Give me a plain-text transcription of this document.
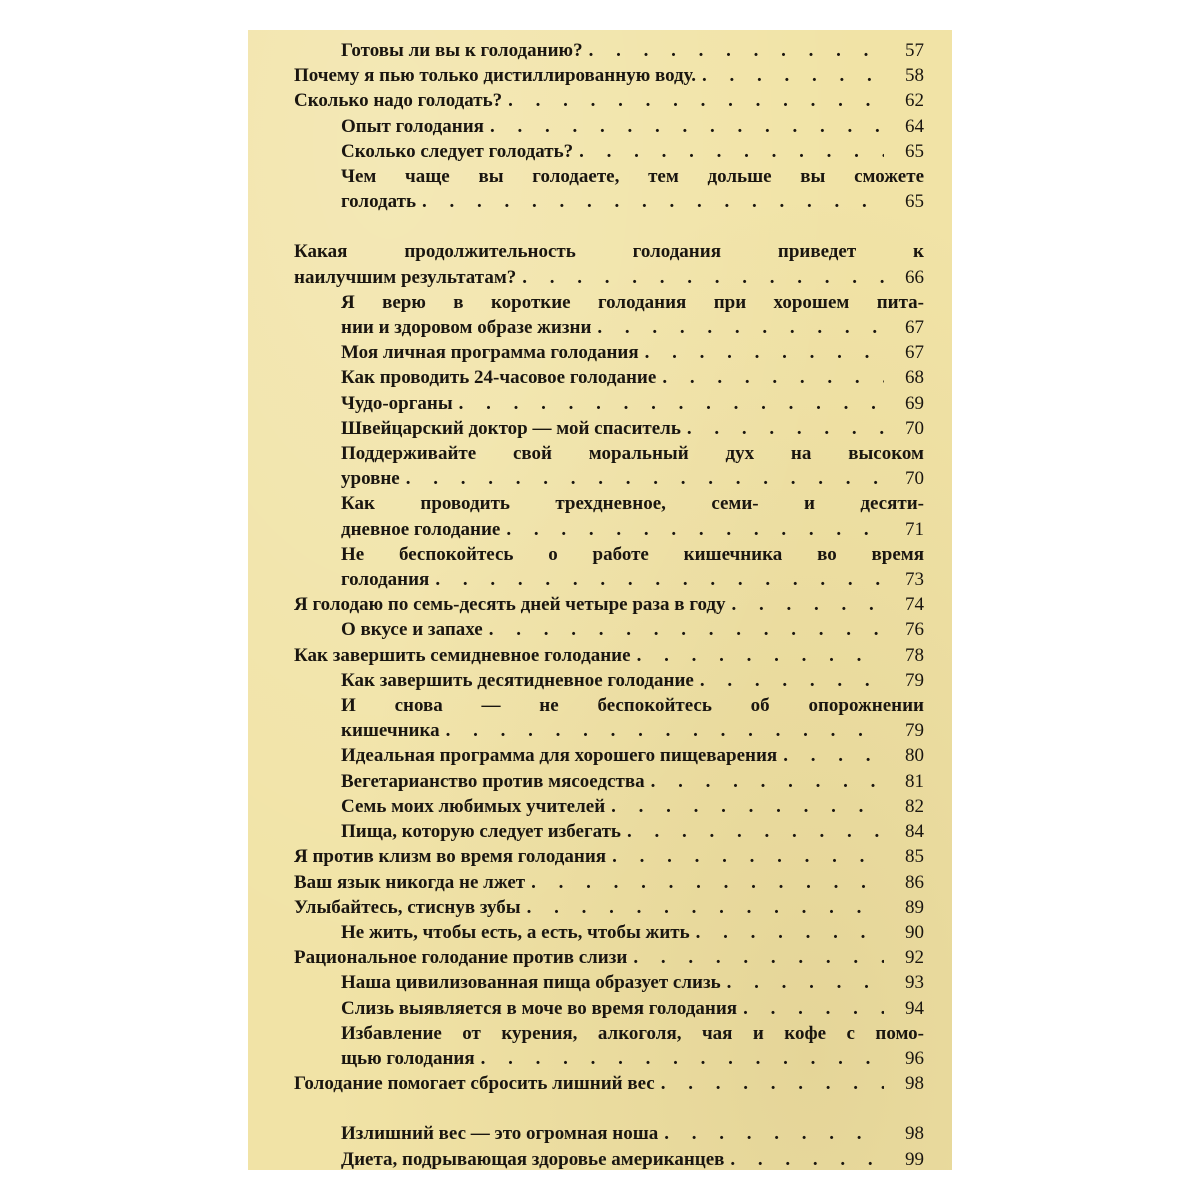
Готовы ли вы к голоданию? . . .	57
Почему я пью только дистиллированную воду. . . .	58
Сколько надо голодать? . . .	62
Опыт голодания . . .	64
Сколько следует голодать? . . .	65
Чем чаще вы голодаете, тем дольше вы сможете
голодать . . .	65
Какая продолжительность голодания приведет к
наилучшим результатам? . . .	66
Я верю в короткие голодания при хорошем пита-
нии и здоровом образе жизни . . .	67
Моя личная программа голодания . . .	67
Как проводить 24-часовое голодание . . .	68
Чудо-органы . . .	69
Швейцарский доктор — мой спаситель . . .	70
Поддерживайте свой моральный дух на высоком
уровне . . .	70
Как проводить трехдневное, семи- и десяти-
дневное голодание . . .	71
Не беспокойтесь о работе кишечника во время
голодания . . .	73
Я голодаю по семь-десять дней четыре раза в году . . .	74
О вкусе и запахе . . .	76
Как завершить семидневное голодание . . .	78
Как завершить десятидневное голодание . . .	79
И снова — не беспокойтесь об опорожнении
кишечника . . .	79
Идеальная программа для хорошего пищеварения . . .	80
Вегетарианство против мясоедства . . .	81
Семь моих любимых учителей . . .	82
Пища, которую следует избегать . . .	84
Я против клизм во время голодания . . .	85
Ваш язык никогда не лжет . . .	86
Улыбайтесь, стиснув зубы . . .	89
Не жить, чтобы есть, а есть, чтобы жить . . .	90
Рациональное голодание против слизи . . .	92
Наша цивилизованная пища образует слизь . . .	93
Слизь выявляется в моче во время голодания . . .	94
Избавление от курения, алкоголя, чая и кофе с помо-
щью голодания . . .	96
Голодание помогает сбросить лишний вес . . .	98
Излишний вес — это огромная ноша . . .	98
Диета, подрывающая здоровье американцев . . .	99
